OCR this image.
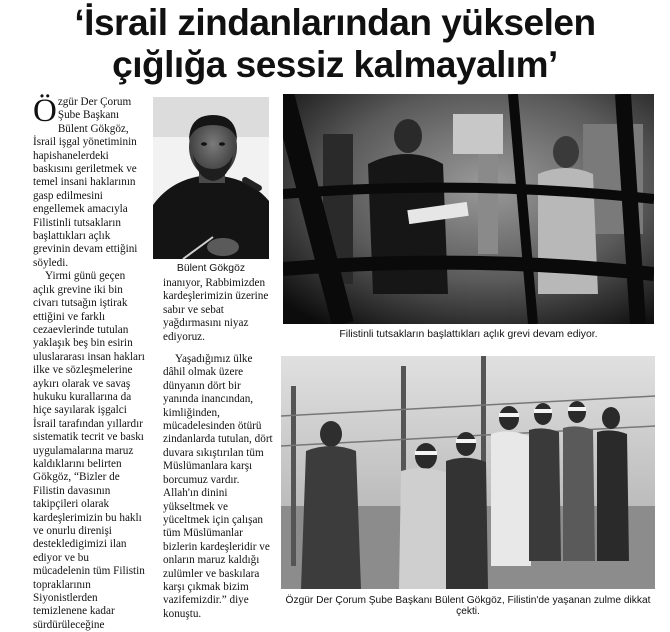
‘İsrail zindanlarından yükselen
çığlığa sessiz kalmayalım’

Özgür Der Çorum Şube Başkanı Bülent Gökgöz, İsrail işgal yönetiminin hapishanelerdeki baskısını geriletmek ve temel insani haklarının gasp edilmesini engellemek amacıyla Filistinli tutsakların başlattıkları açlık grevinin devam ettiğini söyledi.

Yirmi günü geçen açlık grevine iki bin civarı tutsağın iştirak ettiğini ve farklı cezaevlerinde tutulan yaklaşık beş bin esirin uluslararası insan hakları ilke ve sözleşmelerine aykırı olarak ve savaş hukuku kurallarına da hiçe sayılarak işgalci İsrail tarafından yıllardır sistematik tecrit ve baskı uygulamalarına maruz kaldıklarını belirten Gökgöz, “Bizler de Filistin davasının takipçileri olarak kardeşlerimizin bu haklı ve onurlu direnişi destekledigimizi ilan ediyor ve bu mücadelenin tüm Filistin topraklarının Siyonistlerden temizlenene kadar sürdürüleceğine

Bülent Gökgöz

inanıyor, Rabbimizden kardeşlerimizin üzerine sabır ve sebat yağdırmasını niyaz ediyoruz.

Yaşadığımız ülke dâhil olmak üzere dünyanın dört bir yanında inancından, kimliğinden, mücadelesinden ötürü zindanlarda tutulan, dört duvara sıkıştırılan tüm Müslümanlara karşı borcumuz vardır. Allah'ın dinini yükseltmek ve yüceltmek için çalışan tüm Müslümanlar bizlerin kardeşleridir ve onların maruz kaldığı zulümler ve baskılara karşı çıkmak bizim vazifemizdir.” diye konuştu.

Filistinli tutsakların başlattıkları açlık grevi devam ediyor.
Özgür Der Çorum Şube Başkanı Bülent Gökgöz, Filistin'de yaşanan zulme dikkat çekti.
